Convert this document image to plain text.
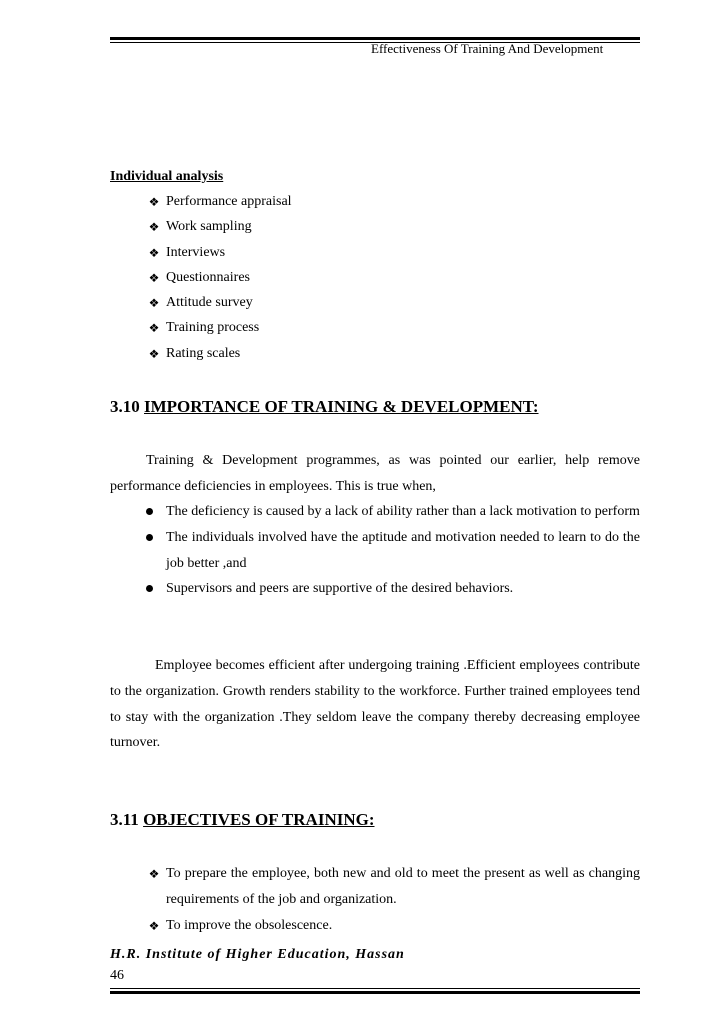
Effectiveness Of Training And Development
Individual analysis
❖ Performance appraisal
❖ Work sampling
❖ Interviews
❖ Questionnaires
❖ Attitude survey
❖ Training process
❖ Rating scales
3.10 IMPORTANCE OF TRAINING & DEVELOPMENT:

Training & Development programmes, as was pointed our earlier, help remove performance deficiencies in employees. This is true when,

The deficiency is caused by a lack of ability rather than a lack motivation to perform
The individuals involved have the aptitude and motivation needed to learn to do the job better ,and
Supervisors and peers are supportive of the desired behaviors.

Employee becomes efficient after undergoing training .Efficient employees contribute to the organization. Growth renders stability to the workforce. Further trained employees tend to stay with the organization .They seldom leave the company thereby decreasing employee turnover.

3.11 OBJECTIVES OF TRAINING:
❖ To prepare the employee, both new and old to meet the present as well as changing requirements of the job and organization.
❖ To improve the obsolescence.
H.R. Institute of Higher Education, Hassan
46
